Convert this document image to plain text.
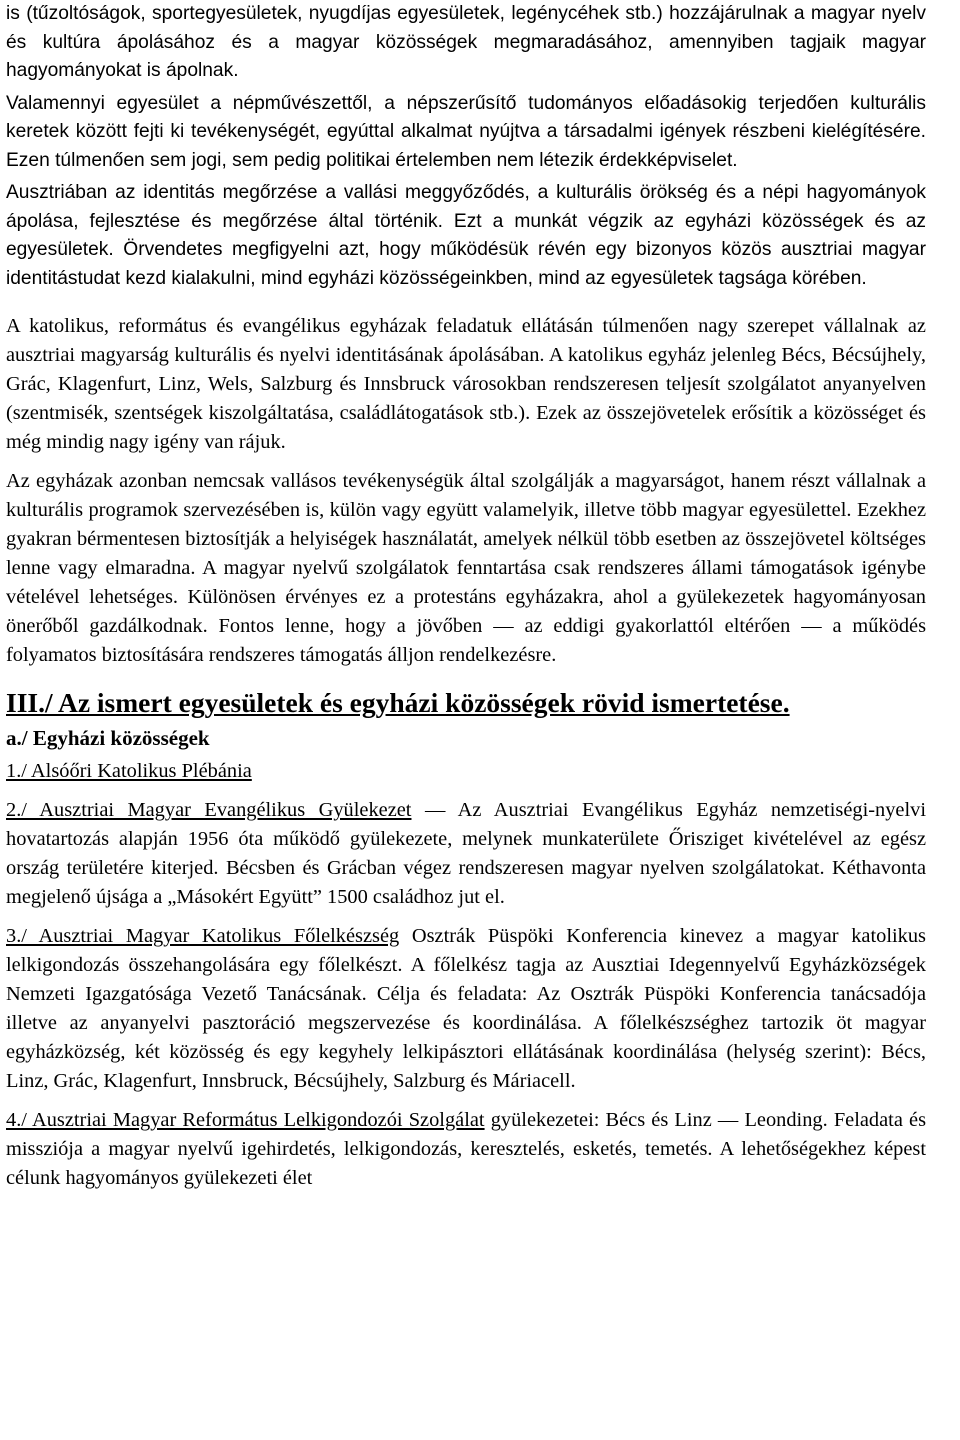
is (tűzoltóságok, sportegyesületek, nyugdíjas egyesületek, legénycéhek stb.) hozzájárulnak a magyar nyelv és kultúra ápolásához és a magyar közösségek megmaradásához, amennyiben tagjaik magyar hagyományokat is ápolnak.

Valamennyi egyesület a népművészettől, a népszerűsítő tudományos előadásokig terjedően kulturális keretek között fejti ki tevékenységét, egyúttal alkalmat nyújtva a társadalmi igények részbeni kielégítésére. Ezen túlmenően sem jogi, sem pedig politikai értelemben nem létezik érdekképviselet.

Ausztriában az identitás megőrzése a vallási meggyőződés, a kulturális örökség és a népi hagyományok ápolása, fejlesztése és megőrzése által történik. Ezt a munkát végzik az egyházi közösségek és az egyesületek. Örvendetes megfigyelni azt, hogy működésük révén egy bizonyos közös ausztriai magyar identitástudat kezd kialakulni, mind egyházi közösségeinkben, mind az egyesületek tagsága körében.

A katolikus, református és evangélikus egyházak feladatuk ellátásán túlmenően nagy szerepet vállalnak az ausztriai magyarság kulturális és nyelvi identitásának ápolásában. A katolikus egyház jelenleg Bécs, Bécsújhely, Grác, Klagenfurt, Linz, Wels, Salzburg és Innsbruck városokban rendszeresen teljesít szolgálatot anyanyelven (szentmisék, szentségek kiszolgáltatása, családlátogatások stb.). Ezek az összejövetelek erősítik a közösséget és még mindig nagy igény van rájuk.

Az egyházak azonban nemcsak vallásos tevékenységük által szolgálják a magyarságot, hanem részt vállalnak a kulturális programok szervezésében is, külön vagy együtt valamelyik, illetve több magyar egyesülettel. Ezekhez gyakran bérmentesen biztosítják a helyiségek használatát, amelyek nélkül több esetben az összejövetel költséges lenne vagy elmaradna. A magyar nyelvű szolgálatok fenntartása csak rendszeres állami támogatások igénybe vételével lehetséges. Különösen érvényes ez a protestáns egyházakra, ahol a gyülekezetek hagyományosan önerőből gazdálkodnak. Fontos lenne, hogy a jövőben — az eddigi gyakorlattól eltérően — a működés folyamatos biztosítására rendszeres támogatás álljon rendelkezésre.

III./ Az ismert egyesületek és egyházi közösségek rövid ismertetése.
a./ Egyházi közösségek

1./ Alsóőri Katolikus Plébánia

2./ Ausztriai Magyar Evangélikus Gyülekezet — Az Ausztriai Evangélikus Egyház nemzetiségi-nyelvi hovatartozás alapján 1956 óta működő gyülekezete, melynek munkaterülete Őrisziget kivételével az egész ország területére kiterjed. Bécsben és Grácban végez rendszeresen magyar nyelven szolgálatokat. Kéthavonta megjelenő újsága a „Másokért Együtt” 1500 családhoz jut el.

3./ Ausztriai Magyar Katolikus Főlelkészség Osztrák Püspöki Konferencia kinevez a magyar katolikus lelkigondozás összehangolására egy főlelkészt. A főlelkész tagja az Ausztiai Idegennyelvű Egyházközségek Nemzeti Igazgatósága Vezető Tanácsának. Célja és feladata: Az Osztrák Püspöki Konferencia tanácsadója illetve az anyanyelvi pasztoráció megszervezése és koordinálása. A főlelkészséghez tartozik öt magyar egyházközség, két közösség és egy kegyhely lelkipásztori ellátásának koordinálása (helység szerint): Bécs, Linz, Grác, Klagenfurt, Innsbruck, Bécsújhely, Salzburg és Máriacell.

4./ Ausztriai Magyar Református Lelkigondozói Szolgálat gyülekezetei: Bécs és Linz — Leonding. Feladata és missziója a magyar nyelvű igehirdetés, lelkigondozás, keresztelés, esketés, temetés. A lehetőségekhez képest célunk hagyományos gyülekezeti élet
